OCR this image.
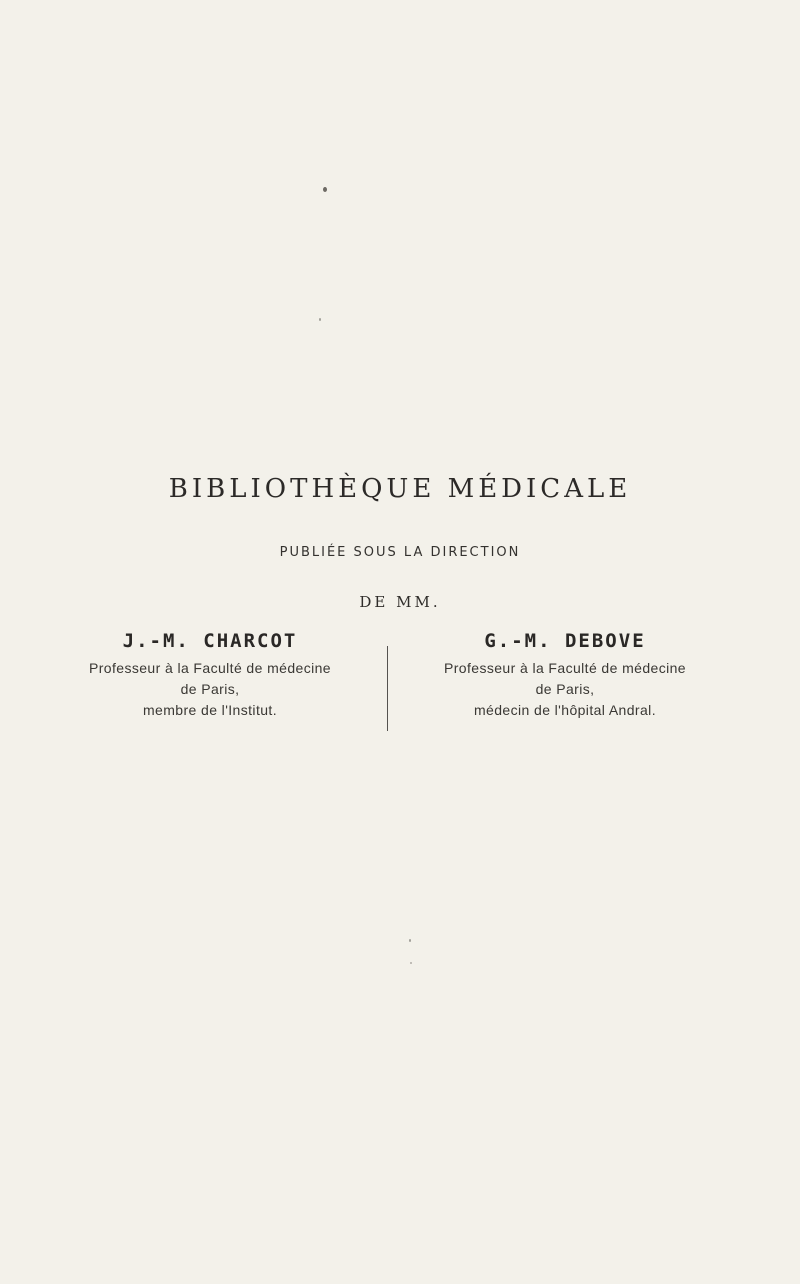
BIBLIOTHÈQUE MÉDICALE
PUBLIÉE SOUS LA DIRECTION
DE MM.
J.-M. CHARCOT
Professeur à la Faculté de médecine
de Paris,
membre de l'Institut.
G.-M. DEBOVE
Professeur à la Faculté de médecine
de Paris,
médecin de l'hôpital Andral.
